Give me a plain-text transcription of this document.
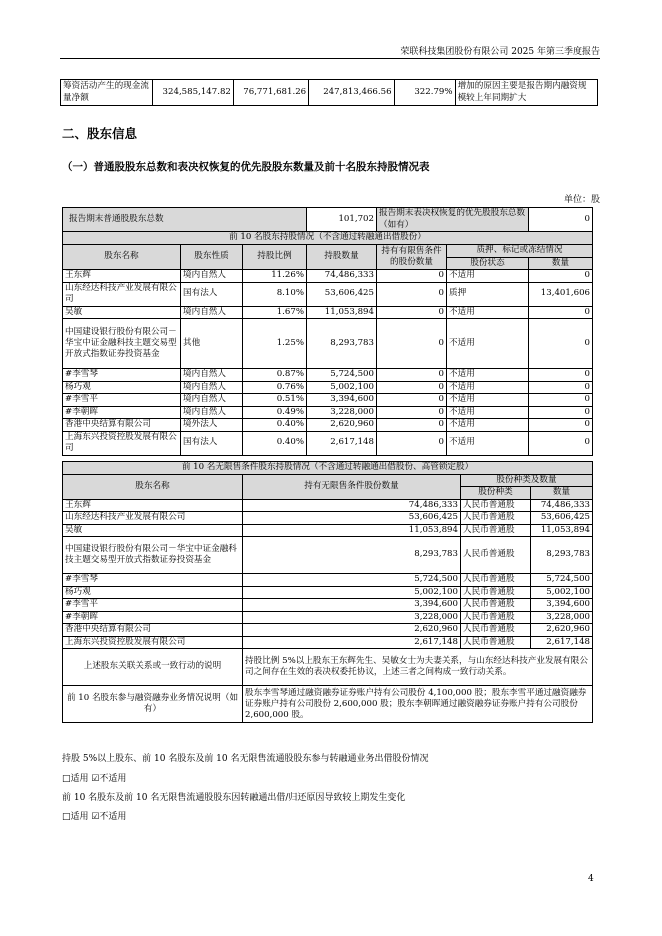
荣联科技集团股份有限公司 2025 年第三季度报告
筹资活动产生的现金流量净额	324,585,147.82	76,771,681.26	247,813,466.56	322.79%	增加的原因主要是报告期内融资规模较上年同期扩大
二、股东信息
（一）普通股股东总数和表决权恢复的优先股股东数量及前十名股东持股情况表
单位：股
报告期末普通股股东总数			101,702	报告期末表决权恢复的优先股股东总数（如有）		0
前 10 名股东持股情况（不含通过转融通出借股份）						
股东名称	股东性质	持股比例	持股数量	持有有限售条件的股份数量	质押、标记或冻结情况	
					股份状态	数量
王东辉	境内自然人	11.26%	74,486,333	0	不适用	0
山东经达科技产业发展有限公司	国有法人	8.10%	53,606,425	0	质押	13,401,606
吴敏	境内自然人	1.67%	11,053,894	0	不适用	0
中国建设银行股份有限公司－华宝中证金融科技主题交易型开放式指数证券投资基金	其他	1.25%	8,293,783	0	不适用	0
#李雪琴	境内自然人	0.87%	5,724,500	0	不适用	0
杨巧观	境内自然人	0.76%	5,002,100	0	不适用	0
#李雪平	境内自然人	0.51%	3,394,600	0	不适用	0
#李朝晖	境内自然人	0.49%	3,228,000	0	不适用	0
香港中央结算有限公司	境外法人	0.40%	2,620,960	0	不适用	0
上海东兴投资控股发展有限公司	国有法人	0.40%	2,617,148	0	不适用	0
前 10 名无限售条件股东持股情况（不含通过转融通出借股份、高管锁定股）			
股东名称	持有无限售条件股份数量	股份种类及数量	
		股份种类	数量
王东辉	74,486,333	人民币普通股	74,486,333
山东经达科技产业发展有限公司	53,606,425	人民币普通股	53,606,425
吴敏	11,053,894	人民币普通股	11,053,894
中国建设银行股份有限公司－华宝中证金融科技主题交易型开放式指数证券投资基金	8,293,783	人民币普通股	8,293,783
#李雪琴	5,724,500	人民币普通股	5,724,500
杨巧观	5,002,100	人民币普通股	5,002,100
#李雪平	3,394,600	人民币普通股	3,394,600
#李朝晖	3,228,000	人民币普通股	3,228,000
香港中央结算有限公司	2,620,960	人民币普通股	2,620,960
上海东兴投资控股发展有限公司	2,617,148	人民币普通股	2,617,148
上述股东关联关系或一致行动的说明	持股比例 5%以上股东王东辉先生、吴敏女士为夫妻关系，与山东经达科技产业发展有限公司之间存在生效的表决权委托协议，上述三者之间构成一致行动关系。		
前 10 名股东参与融资融券业务情况说明（如有）	股东李雪琴通过融资融券证券账户持有公司股份 4,100,000 股；股东李雪平通过融资融券证券账户持有公司股份 2,600,000 股；股东李朝晖通过融资融券证券账户持有公司股份 2,600,000 股。		
持股 5%以上股东、前 10 名股东及前 10 名无限售流通股股东参与转融通业务出借股份情况
□适用 ☑不适用
前 10 名股东及前 10 名无限售流通股股东因转融通出借/归还原因导致较上期发生变化
□适用 ☑不适用
4
